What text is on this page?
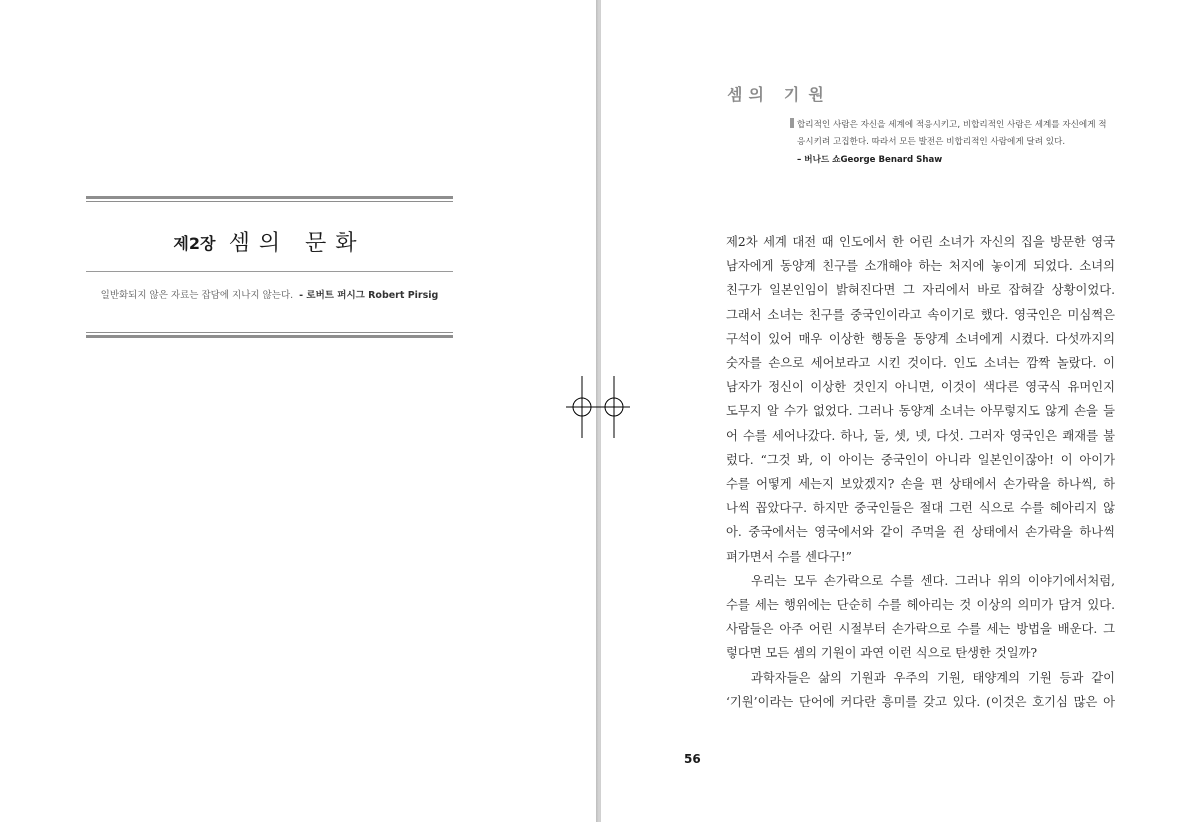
제2장 셈의 문화
일반화되지 않은 자료는 잡담에 지나지 않는다. - 로버트 퍼시그 Robert Pirsig
셈의 기원
합리적인 사람은 자신을 세계에 적응시키고, 비합리적인 사람은 세계를 자신에게 적
응시키려 고집한다. 따라서 모든 발전은 비합리적인 사람에게 달려 있다.
– 버나드 쇼George Benard Shaw
제2차 세계 대전 때 인도에서 한 어린 소녀가 자신의 집을 방문한 영국
남자에게 동양계 친구를 소개해야 하는 처지에 놓이게 되었다. 소녀의
친구가 일본인임이 밝혀진다면 그 자리에서 바로 잡혀갈 상황이었다.
그래서 소녀는 친구를 중국인이라고 속이기로 했다. 영국인은 미심쩍은
구석이 있어 매우 이상한 행동을 동양계 소녀에게 시켰다. 다섯까지의
숫자를 손으로 세어보라고 시킨 것이다. 인도 소녀는 깜짝 놀랐다. 이
남자가 정신이 이상한 것인지 아니면, 이것이 색다른 영국식 유머인지
도무지 알 수가 없었다. 그러나 동양계 소녀는 아무렇지도 않게 손을 들
어 수를 세어나갔다. 하나, 둘, 셋, 넷, 다섯. 그러자 영국인은 쾌재를 불
렀다. “그것 봐, 이 아이는 중국인이 아니라 일본인이잖아! 이 아이가
수를 어떻게 세는지 보았겠지? 손을 편 상태에서 손가락을 하나씩, 하
나씩 꼽았다구. 하지만 중국인들은 절대 그런 식으로 수를 헤아리지 않
아. 중국에서는 영국에서와 같이 주먹을 쥔 상태에서 손가락을 하나씩
펴가면서 수를 센다구!”
우리는 모두 손가락으로 수를 센다. 그러나 위의 이야기에서처럼,
수를 세는 행위에는 단순히 수를 헤아리는 것 이상의 의미가 담겨 있다.
사람들은 아주 어린 시절부터 손가락으로 수를 세는 방법을 배운다. 그
렇다면 모든 셈의 기원이 과연 이런 식으로 탄생한 것일까?
과학자들은 삶의 기원과 우주의 기원, 태양계의 기원 등과 같이
‘기원’이라는 단어에 커다란 흥미를 갖고 있다. (이것은 호기심 많은 아
56
